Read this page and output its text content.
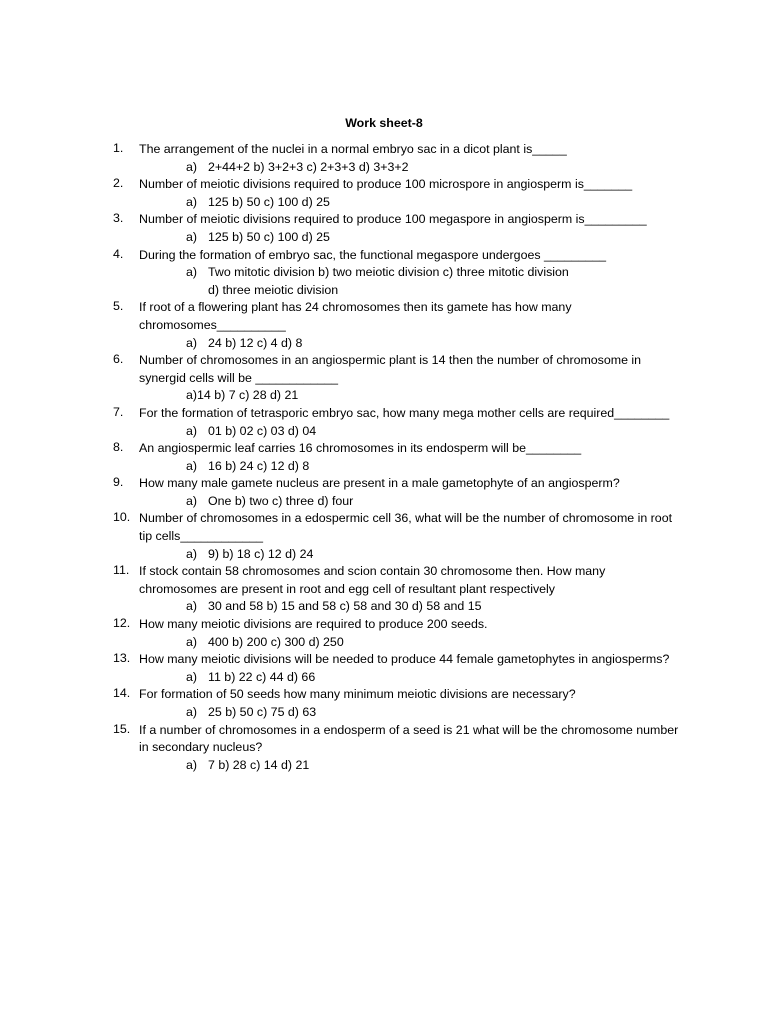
Work sheet-8
1.	The arrangement of the nuclei in a normal embryo sac in a dicot plant is_____
a) 2+44+2 b) 3+2+3 c) 2+3+3 d) 3+3+2
2.	Number of meiotic divisions required to produce 100 microspore in angiosperm is_______
a) 125 b) 50 c) 100 d) 25
3.	Number of meiotic divisions required to produce 100 megaspore in angiosperm is_________
a) 125 b) 50 c) 100 d) 25
4.	During the formation of embryo sac, the functional megaspore undergoes _________
a) Two mitotic division b) two meiotic division c) three mitotic division
d) three meiotic division
5.	If root of a flowering plant has 24 chromosomes then its gamete has how many chromosomes__________
a) 24 b) 12 c) 4 d) 8
6.	Number of chromosomes in an angiospermic plant is 14 then the number of chromosome in synergid cells will be ____________
a)14 b) 7 c) 28 d) 21
7.	For the formation of tetrasporic embryo sac, how many mega mother cells are required________
a) 01 b) 02 c) 03 d) 04
8.	An angiospermic leaf carries 16 chromosomes in its endosperm will be________
a) 16 b) 24 c) 12 d) 8
9.	How many male gamete nucleus are present in a male gametophyte of an angiosperm?
a) One b) two c) three d) four
10. Number of chromosomes in a edospermic cell 36, what will be the number of chromosome in root tip cells____________
a) 9) b) 18 c) 12 d) 24
11. If stock contain 58 chromosomes and scion contain 30 chromosome then. How many chromosomes are present in root and egg cell of resultant plant respectively
a) 30 and 58 b) 15 and 58 c) 58 and 30 d) 58 and 15
12. How many meiotic divisions are required to produce 200 seeds.
a) 400 b) 200 c) 300 d) 250
13. How many meiotic divisions will be needed to produce 44 female gametophytes in angiosperms?
a) 11 b) 22 c) 44 d) 66
14. For formation of 50 seeds how many minimum meiotic divisions are necessary?
a) 25 b) 50 c) 75 d) 63
15. If a number of chromosomes in a endosperm of a seed is 21 what will be the chromosome number in secondary nucleus?
a) 7 b) 28 c) 14 d) 21
